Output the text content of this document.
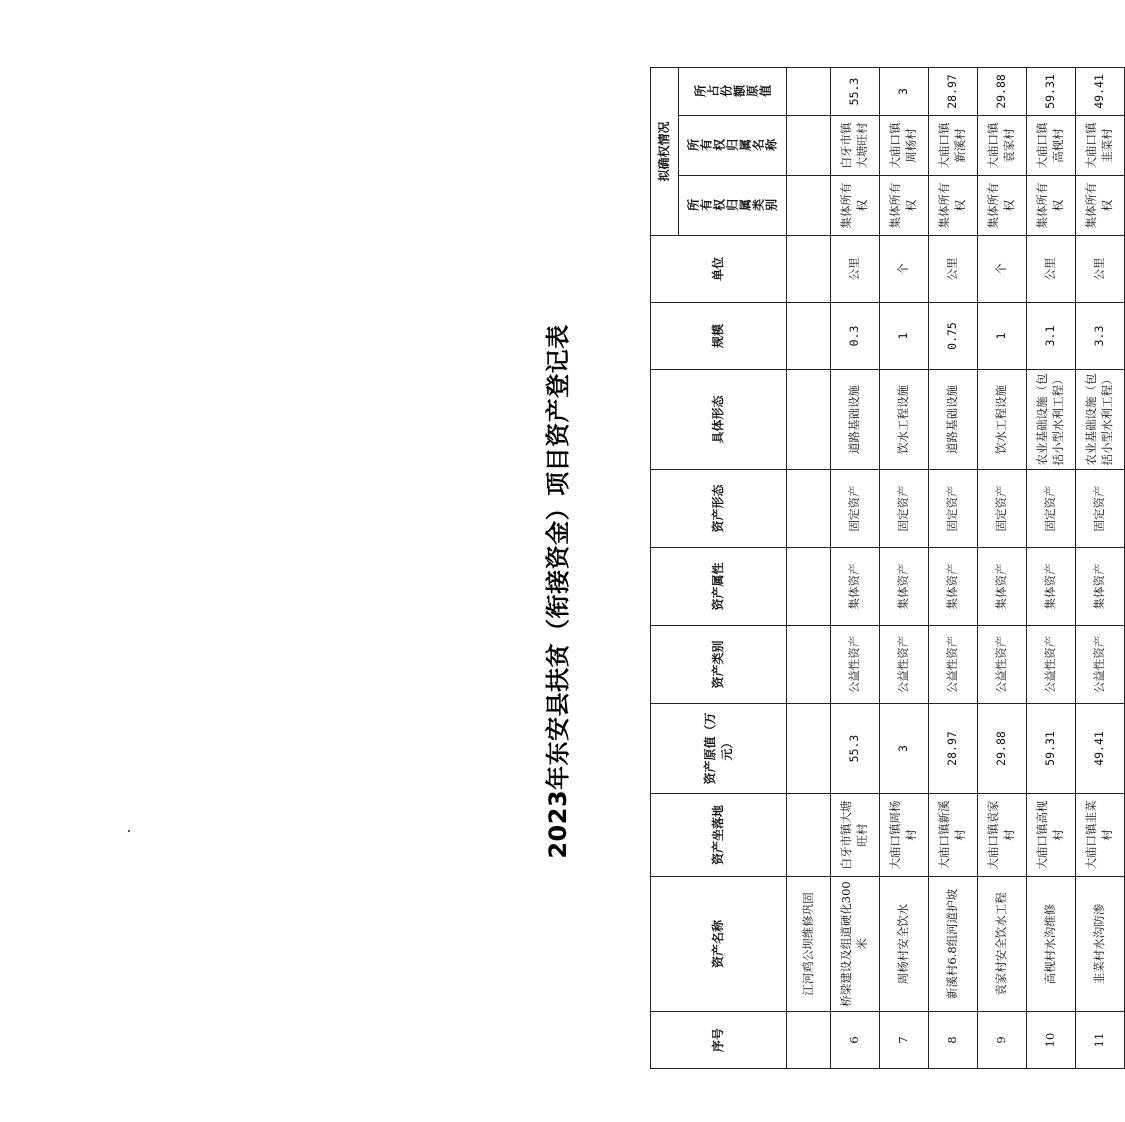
2023年东安县扶贫（衔接资金）项目资产登记表
序号	资产名称	资产坐落地	资产原值（万元）	资产类别	资产属性	资产形态	具体形态	规模	单位	拟确权情况		
										所有权归属类别	所有权归属名称	所占份额原值
	江河鸡公坝维修巩固											
6	桥梁建设及组道硬化300米	白牙市镇大塘旺村	55.3	公益性资产	集体资产	固定资产	道路基础设施	0.3	公里	集体所有权	白牙市镇大塘旺村	55.3
7	周杨村安全饮水	大庙口镇周杨村	3	公益性资产	集体资产	固定资产	饮水工程设施	1	个	集体所有权	大庙口镇周杨村	3
8	新溪村6.8组河道护坡	大庙口镇新溪村	28.97	公益性资产	集体资产	固定资产	道路基础设施	0.75	公里	集体所有权	大庙口镇新溪村	28.97
9	袁家村安全饮水工程	大庙口镇袁家村	29.88	公益性资产	集体资产	固定资产	饮水工程设施	1	个	集体所有权	大庙口镇袁家村	29.88
10	高枧村水沟维修	大庙口镇高枧村	59.31	公益性资产	集体资产	固定资产	农业基础设施（包括小型水利工程）	3.1	公里	集体所有权	大庙口镇高枧村	59.31
11	韭菜村水沟防渗	大庙口镇韭菜村	49.41	公益性资产	集体资产	固定资产	农业基础设施（包括小型水利工程）	3.3	公里	集体所有权	大庙口镇韭菜村	49.41
